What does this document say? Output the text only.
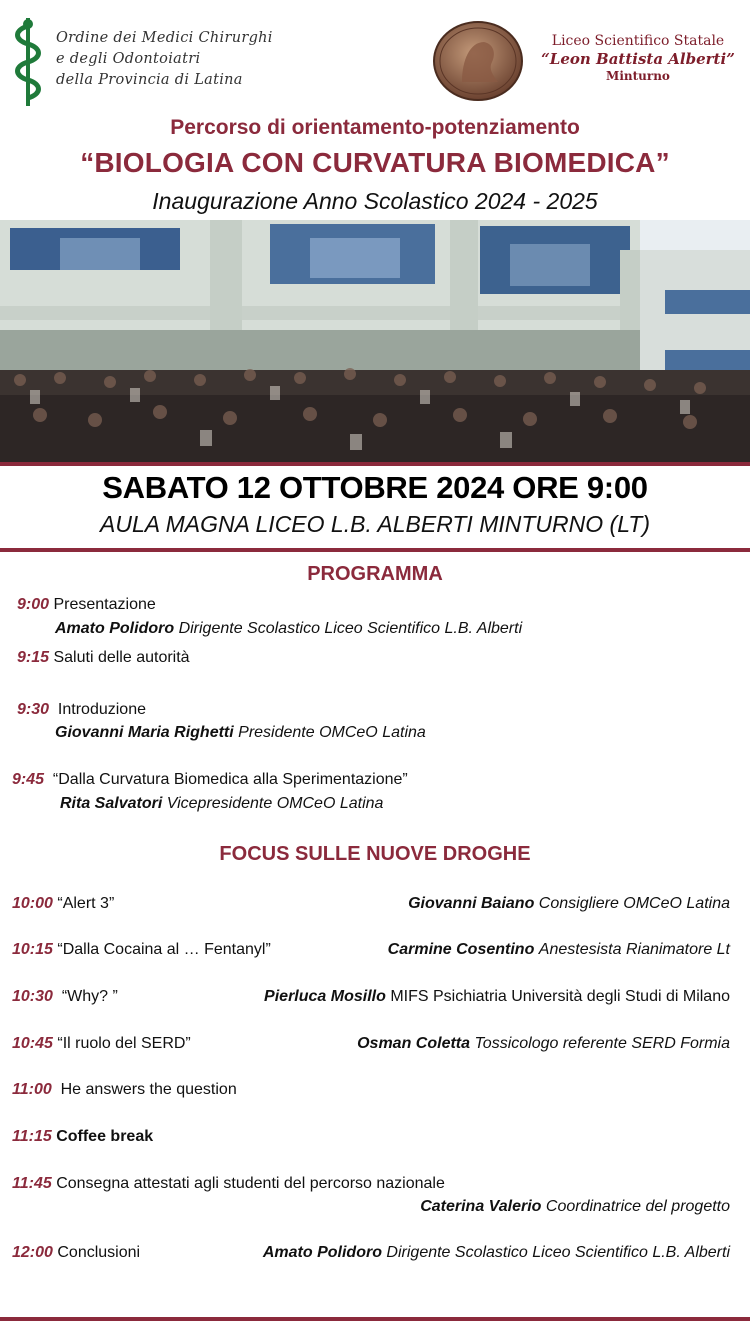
Ordine dei Medici Chirurghi
e degli Odontoiatri
della Provincia di Latina
Liceo Scientifico Statale
“Leon Battista Alberti”
Minturno
Percorso di orientamento-potenziamento
“BIOLOGIA CON CURVATURA BIOMEDICA”
Inaugurazione Anno Scolastico 2024 - 2025
SABATO 12 OTTOBRE 2024 ORE 9:00
AULA MAGNA LICEO L.B. ALBERTI MINTURNO (LT)
PROGRAMMA
9:00 Presentazione
Amato Polidoro Dirigente Scolastico Liceo Scientifico L.B. Alberti
9:15 Saluti delle autorità
9:30 Introduzione
Giovanni Maria Righetti Presidente OMCeO Latina
9:45 “Dalla Curvatura Biomedica alla Sperimentazione”
Rita Salvatori Vicepresidente OMCeO Latina
FOCUS SULLE NUOVE DROGHE
10:00 “Alert 3”	Giovanni Baiano Consigliere OMCeO Latina
10:15 “Dalla Cocaina al … Fentanyl”	Carmine Cosentino Anestesista Rianimatore Lt
10:30 “Why? ”	Pierluca Mosillo MIFS Psichiatria Università degli Studi di Milano
10:45 “Il ruolo del SERD”	Osman Coletta Tossicologo referente SERD Formia
11:00 He answers the question
11:15 Coffee break
11:45 Consegna attestati agli studenti del percorso nazionale
Caterina Valerio Coordinatrice del progetto
12:00 Conclusioni	Amato Polidoro Dirigente Scolastico Liceo Scientifico L.B. Alberti
